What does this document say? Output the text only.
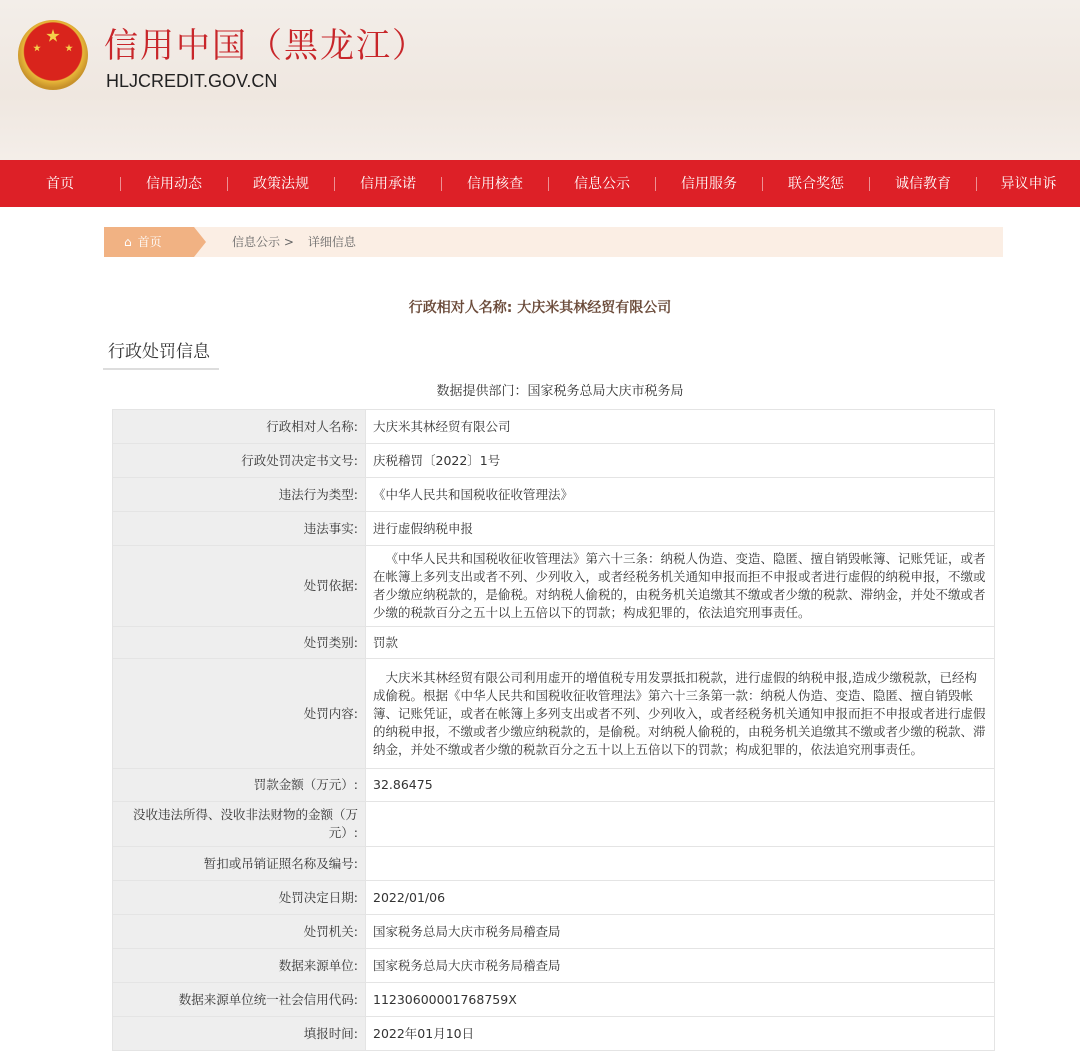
信用中国（黑龙江）
HLJCREDIT.GOV.CN
首页	信用动态	政策法规	信用承诺	信用核查	信息公示	信用服务	联合奖惩	诚信教育	异议申诉
⌂ 首页	信息公示 > 详细信息
行政相对人名称: 大庆米其林经贸有限公司
行政处罚信息
数据提供部门：国家税务总局大庆市税务局
行政相对人名称:	大庆米其林经贸有限公司
行政处罚决定书文号:	庆税稽罚〔2022〕1号
违法行为类型:	《中华人民共和国税收征收管理法》
违法事实:	进行虚假纳税申报
处罚依据:	《中华人民共和国税收征收管理法》第六十三条：纳税人伪造、变造、隐匿、擅自销毁帐簿、记账凭证，或者在帐簿上多列支出或者不列、少列收入，或者经税务机关通知申报而拒不申报或者进行虚假的纳税申报，不缴或者少缴应纳税款的，是偷税。对纳税人偷税的，由税务机关追缴其不缴或者少缴的税款、滞纳金，并处不缴或者少缴的税款百分之五十以上五倍以下的罚款；构成犯罪的，依法追究刑事责任。
处罚类别:	罚款
处罚内容:	大庆米其林经贸有限公司利用虚开的增值税专用发票抵扣税款，进行虚假的纳税申报,造成少缴税款，已经构成偷税。根据《中华人民共和国税收征收管理法》第六十三条第一款：纳税人伪造、变造、隐匿、擅自销毁帐簿、记账凭证，或者在帐簿上多列支出或者不列、少列收入，或者经税务机关通知申报而拒不申报或者进行虚假的纳税申报，不缴或者少缴应纳税款的，是偷税。对纳税人偷税的，由税务机关追缴其不缴或者少缴的税款、滞纳金，并处不缴或者少缴的税款百分之五十以上五倍以下的罚款；构成犯罪的，依法追究刑事责任。
罚款金额（万元）:	32.86475
没收违法所得、没收非法财物的金额（万元）:	
暂扣或吊销证照名称及编号:	
处罚决定日期:	2022/01/06
处罚机关:	国家税务总局大庆市税务局稽查局
数据来源单位:	国家税务总局大庆市税务局稽查局
数据来源单位统一社会信用代码:	11230600001768759X
填报时间:	2022年01月10日
